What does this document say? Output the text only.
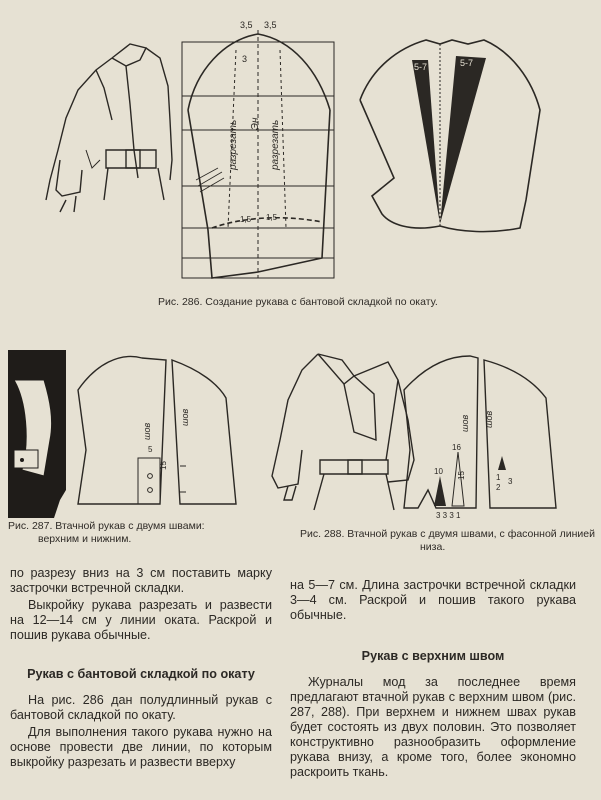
3,5 3,5
3
разрезать Эн разрезать
1,5 1,5
5-7	5-7
Рис. 286. Создание рукава с бантовой складкой по окату.
шов
шов
5
15
Рис. 287. Втачной рукав с двумя швами:
верхним и нижним.
шов шов
10
16
15
3 3 3 1
1
2
3
Рис. 288. Втачной рукав с двумя швами, с фасонной линией
низа.

по разрезу вниз на 3 см поставить марку застрочки встречной складки.

Выкройку рукава разрезать и развести на 12—14 см у линии оката. Раскрой и пошив рукава обычные.

Рукав с бантовой складкой по окату

На рис. 286 дан полудлинный рукав с бантовой складкой по окату.

Для выполнения такого рукава нужно на основе провести две линии, по которым выкройку разрезать и развести вверху

на 5—7 см. Длина застрочки встречной складки 3—4 см. Раскрой и пошив такого рукава обычные.

Рукав с верхним швом

Журналы мод за последнее время предлагают втачной рукав с верхним швом (рис. 287, 288). При верхнем и нижнем швах рукав будет состоять из двух половин. Это позволяет конструктивно разнообразить оформление рукава внизу, а кроме того, более экономно раскроить ткань.
